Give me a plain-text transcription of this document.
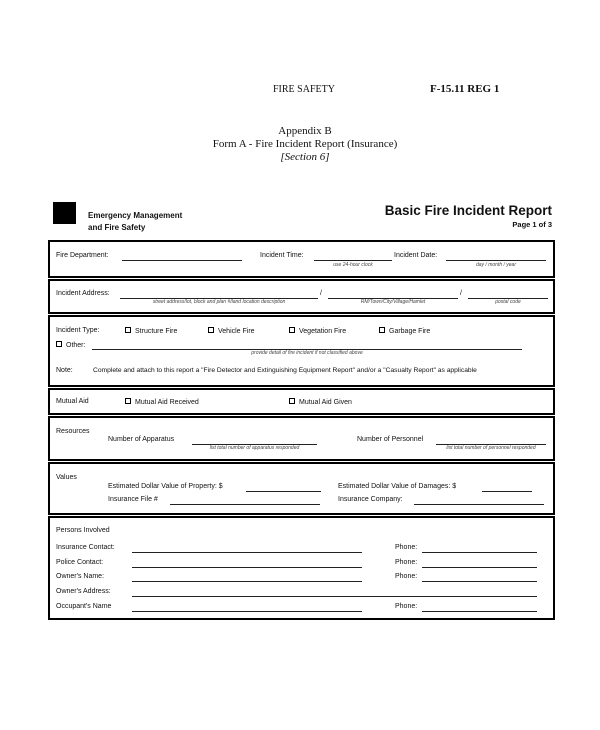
FIRE SAFETY	F-15.11 REG 1
Appendix B
Form A - Fire Incident Report (Insurance)
[Section 6]
Emergency Management
and Fire Safety
Basic Fire Incident Report
Page 1 of 3
Fire Department:	Incident Time:
use 24-hour clock
Incident Date:
day / month / year
Incident Address:
street address/lot, block and plan #/land location description
/
RM/Town/City/Village/Hamlet
/
postal code
Incident Type:	Structure Fire	Vehicle Fire	Vegetation Fire	Garbage Fire
Other:
provide detail of fire incident if not classified above
Note:	Complete and attach to this report a "Fire Detector and Extinguishing Equipment Report" and/or a "Casualty Report" as applicable
Mutual Aid	Mutual Aid Received	Mutual Aid Given
Resources
Number of Apparatus
list total number of apparatus responded
Number of Personnel
list total number of personnel responded
Values
Estimated Dollar Value of Property: $	Estimated Dollar Value of Damages: $
Insurance File #	Insurance Company:
Persons Involved
Insurance Contact:	Phone:
Police Contact:	Phone:
Owner's Name:	Phone:
Owner's Address:
Occupant's Name	Phone:
